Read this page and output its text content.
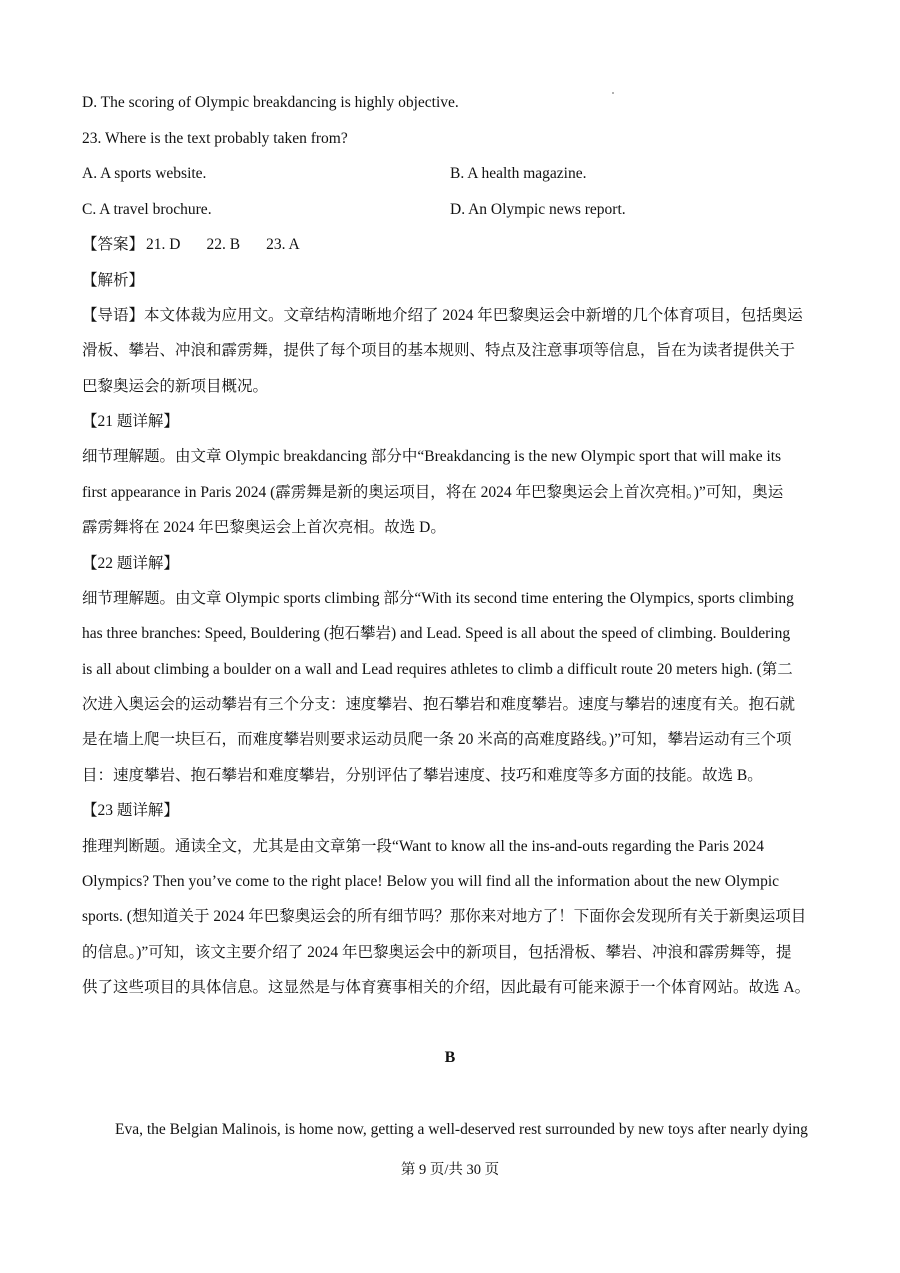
D. The scoring of Olympic breakdancing is highly objective.
23. Where is the text probably taken from?
A. A sports website.	B. A health magazine.
C. A travel brochure.	D. An Olympic news report.
【答案】 21. D 22. B 23. A
【解析】
【导语】本文体裁为应用文。文章结构清晰地介绍了 2024 年巴黎奥运会中新增的几个体育项目，包括奥运
滑板、攀岩、冲浪和霹雳舞，提供了每个项目的基本规则、特点及注意事项等信息，旨在为读者提供关于
巴黎奥运会的新项目概况。
【21 题详解】
细节理解题。由文章 Olympic breakdancing 部分中“Breakdancing is the new Olympic sport that will make its
first appearance in Paris 2024 (霹雳舞是新的奥运项目，将在 2024 年巴黎奥运会上首次亮相。)”可知，奥运
霹雳舞将在 2024 年巴黎奥运会上首次亮相。故选 D。
【22 题详解】
细节理解题。由文章 Olympic sports climbing 部分“With its second time entering the Olympics, sports climbing
has three branches: Speed, Bouldering (抱石攀岩) and Lead. Speed is all about the speed of climbing. Bouldering
is all about climbing a boulder on a wall and Lead requires athletes to climb a difficult route 20 meters high. (第二
次进入奥运会的运动攀岩有三个分支：速度攀岩、抱石攀岩和难度攀岩。速度与攀岩的速度有关。抱石就
是在墙上爬一块巨石，而难度攀岩则要求运动员爬一条 20 米高的高难度路线。)”可知，攀岩运动有三个项
目：速度攀岩、抱石攀岩和难度攀岩，分别评估了攀岩速度、技巧和难度等多方面的技能。故选 B。
【23 题详解】
推理判断题。通读全文，尤其是由文章第一段“Want to know all the ins-and-outs regarding the Paris 2024
Olympics? Then you’ve come to the right place! Below you will find all the information about the new Olympic
sports. (想知道关于 2024 年巴黎奥运会的所有细节吗？那你来对地方了！下面你会发现所有关于新奥运项目
的信息。)”可知，该文主要介绍了 2024 年巴黎奥运会中的新项目，包括滑板、攀岩、冲浪和霹雳舞等，提
供了这些项目的具体信息。这显然是与体育赛事相关的介绍，因此最有可能来源于一个体育网站。故选 A。
B
Eva, the Belgian Malinois, is home now, getting a well-deserved rest surrounded by new toys after nearly dying
第 9 页/共 30 页
